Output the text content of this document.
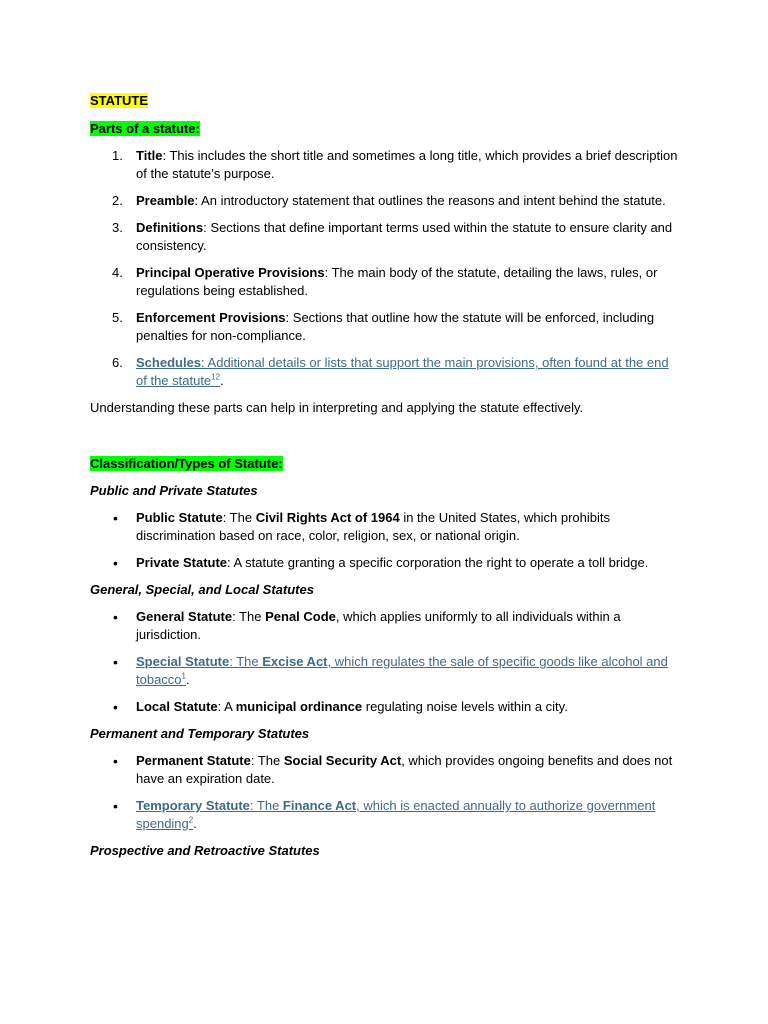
STATUTE
Parts of a statute:
1. Title: This includes the short title and sometimes a long title, which provides a brief description of the statute’s purpose.
2. Preamble: An introductory statement that outlines the reasons and intent behind the statute.
3. Definitions: Sections that define important terms used within the statute to ensure clarity and consistency.
4. Principal Operative Provisions: The main body of the statute, detailing the laws, rules, or regulations being established.
5. Enforcement Provisions: Sections that outline how the statute will be enforced, including penalties for non-compliance.
6. Schedules: Additional details or lists that support the main provisions, often found at the end of the statute$^{12}$.
Understanding these parts can help in interpreting and applying the statute effectively.
Classification/Types of Statute:
Public and Private Statutes
• Public Statute: The Civil Rights Act of 1964 in the United States, which prohibits discrimination based on race, color, religion, sex, or national origin.
• Private Statute: A statute granting a specific corporation the right to operate a toll bridge.
General, Special, and Local Statutes
• General Statute: The Penal Code, which applies uniformly to all individuals within a jurisdiction.
• Special Statute: The Excise Act, which regulates the sale of specific goods like alcohol and tobacco$^1$.
• Local Statute: A municipal ordinance regulating noise levels within a city.
Permanent and Temporary Statutes
• Permanent Statute: The Social Security Act, which provides ongoing benefits and does not have an expiration date.
• Temporary Statute: The Finance Act, which is enacted annually to authorize government spending$^2$.
Prospective and Retroactive Statutes
